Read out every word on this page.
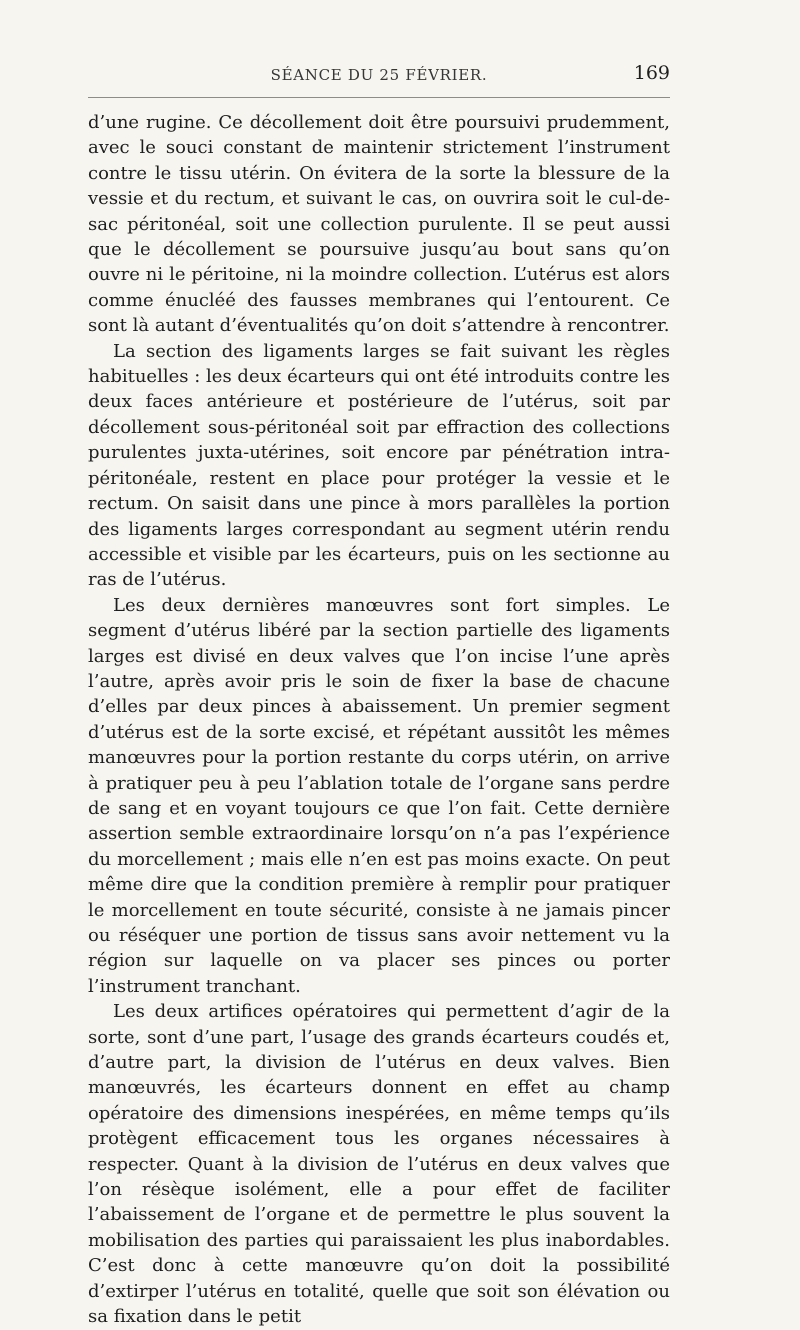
SÉANCE DU 25 FÉVRIER.	169

d’une rugine. Ce décollement doit être poursuivi prudemment, avec le souci constant de maintenir strictement l’instrument contre le tissu utérin. On évitera de la sorte la blessure de la vessie et du rectum, et suivant le cas, on ouvrira soit le cul-de-sac péritonéal, soit une collection purulente. Il se peut aussi que le décollement se poursuive jusqu’au bout sans qu’on ouvre ni le péritoine, ni la moindre collection. L’utérus est alors comme énucléé des fausses membranes qui l’entourent. Ce sont là autant d’éventualités qu’on doit s’attendre à rencontrer.

La section des ligaments larges se fait suivant les règles habituelles : les deux écarteurs qui ont été introduits contre les deux faces antérieure et postérieure de l’utérus, soit par décollement sous-péritonéal soit par effraction des collections purulentes juxta-utérines, soit encore par pénétration intra-péritonéale, restent en place pour protéger la vessie et le rectum. On saisit dans une pince à mors parallèles la portion des ligaments larges correspondant au segment utérin rendu accessible et visible par les écarteurs, puis on les sectionne au ras de l’utérus.

Les deux dernières manœuvres sont fort simples. Le segment d’utérus libéré par la section partielle des ligaments larges est divisé en deux valves que l’on incise l’une après l’autre, après avoir pris le soin de fixer la base de chacune d’elles par deux pinces à abaissement. Un premier segment d’utérus est de la sorte excisé, et répétant aussitôt les mêmes manœuvres pour la portion restante du corps utérin, on arrive à pratiquer peu à peu l’ablation totale de l’organe sans perdre de sang et en voyant toujours ce que l’on fait. Cette dernière assertion semble extraordinaire lorsqu’on n’a pas l’expérience du morcellement ; mais elle n’en est pas moins exacte. On peut même dire que la condition première à remplir pour pratiquer le morcellement en toute sécurité, consiste à ne jamais pincer ou réséquer une portion de tissus sans avoir nettement vu la région sur laquelle on va placer ses pinces ou porter l’instrument tranchant.

Les deux artifices opératoires qui permettent d’agir de la sorte, sont d’une part, l’usage des grands écarteurs coudés et, d’autre part, la division de l’utérus en deux valves. Bien manœuvrés, les écarteurs donnent en effet au champ opératoire des dimensions inespérées, en même temps qu’ils protègent efficacement tous les organes nécessaires à respecter. Quant à la division de l’utérus en deux valves que l’on résèque isolément, elle a pour effet de faciliter l’abaissement de l’organe et de permettre le plus souvent la mobilisation des parties qui paraissaient les plus inabordables. C’est donc à cette manœuvre qu’on doit la possibilité d’extirper l’utérus en totalité, quelle que soit son élévation ou sa fixation dans le petit
